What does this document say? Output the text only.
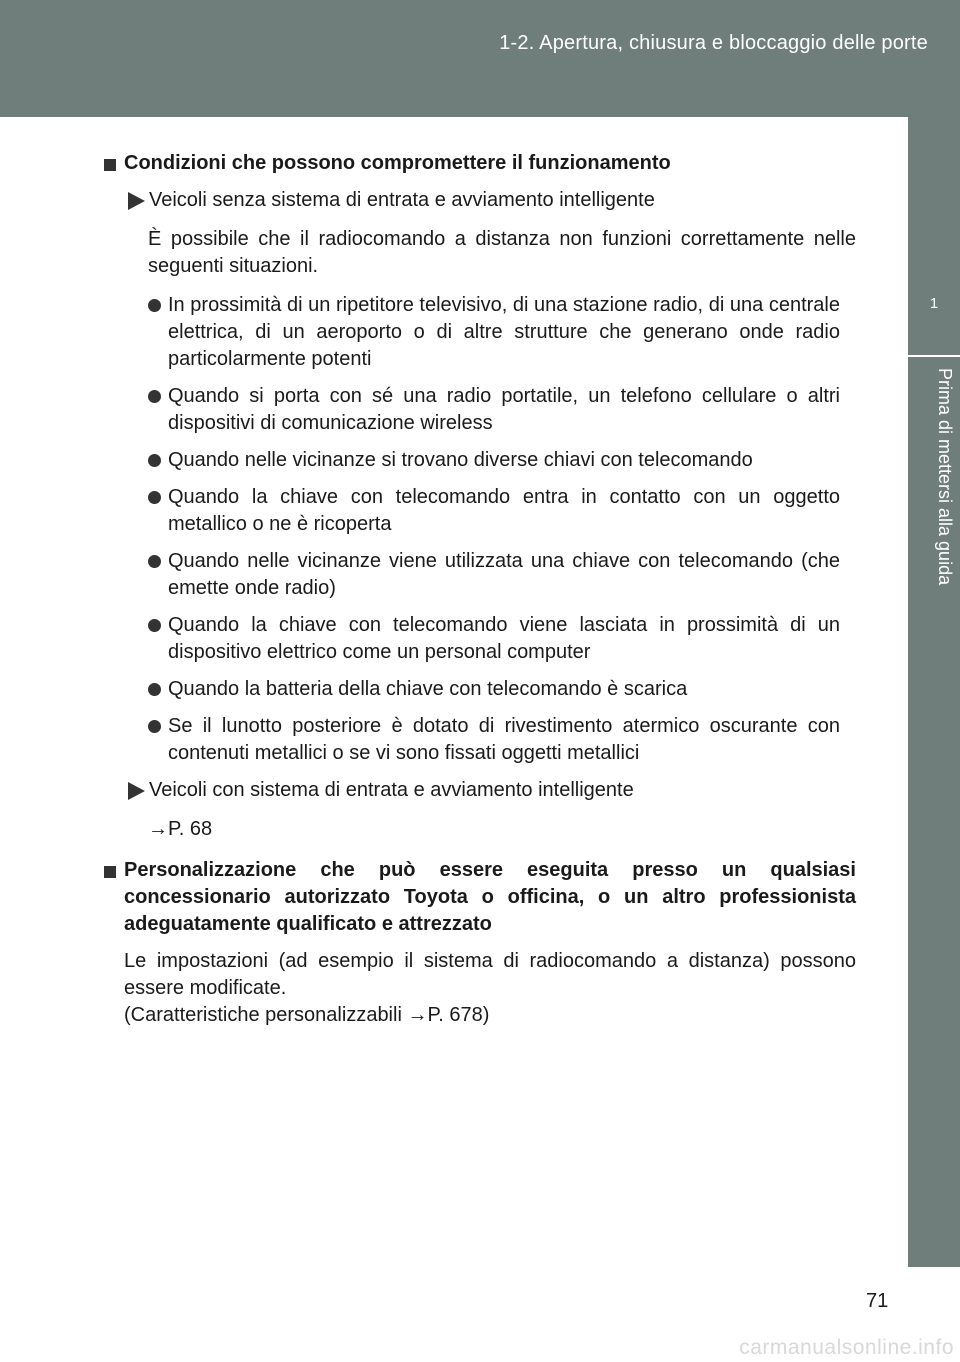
1-2. Apertura, chiusura e bloccaggio delle porte
1
Prima di mettersi alla guida
Condizioni che possono compromettere il funzionamento
Veicoli senza sistema di entrata e avviamento intelligente

È possibile che il radiocomando a distanza non funzioni correttamente nelle seguenti situazioni.

In prossimità di un ripetitore televisivo, di una stazione radio, di una centrale elettrica, di un aeroporto o di altre strutture che generano onde radio particolarmente potenti
Quando si porta con sé una radio portatile, un telefono cellulare o altri dispositivi di comunicazione wireless
Quando nelle vicinanze si trovano diverse chiavi con telecomando
Quando la chiave con telecomando entra in contatto con un oggetto metallico o ne è ricoperta
Quando nelle vicinanze viene utilizzata una chiave con telecomando (che emette onde radio)
Quando la chiave con telecomando viene lasciata in prossimità di un dispositivo elettrico come un personal computer
Quando la batteria della chiave con telecomando è scarica
Se il lunotto posteriore è dotato di rivestimento atermico oscurante con contenuti metallici o se vi sono fissati oggetti metallici
Veicoli con sistema di entrata e avviamento intelligente
→P. 68
Personalizzazione che può essere eseguita presso un qualsiasi concessionario autorizzato Toyota o officina, o un altro professionista adeguatamente qualificato e attrezzato

Le impostazioni (ad esempio il sistema di radiocomando a distanza) possono essere modificate.

(Caratteristiche personalizzabili →P. 678)

71
carmanualsonline.info
